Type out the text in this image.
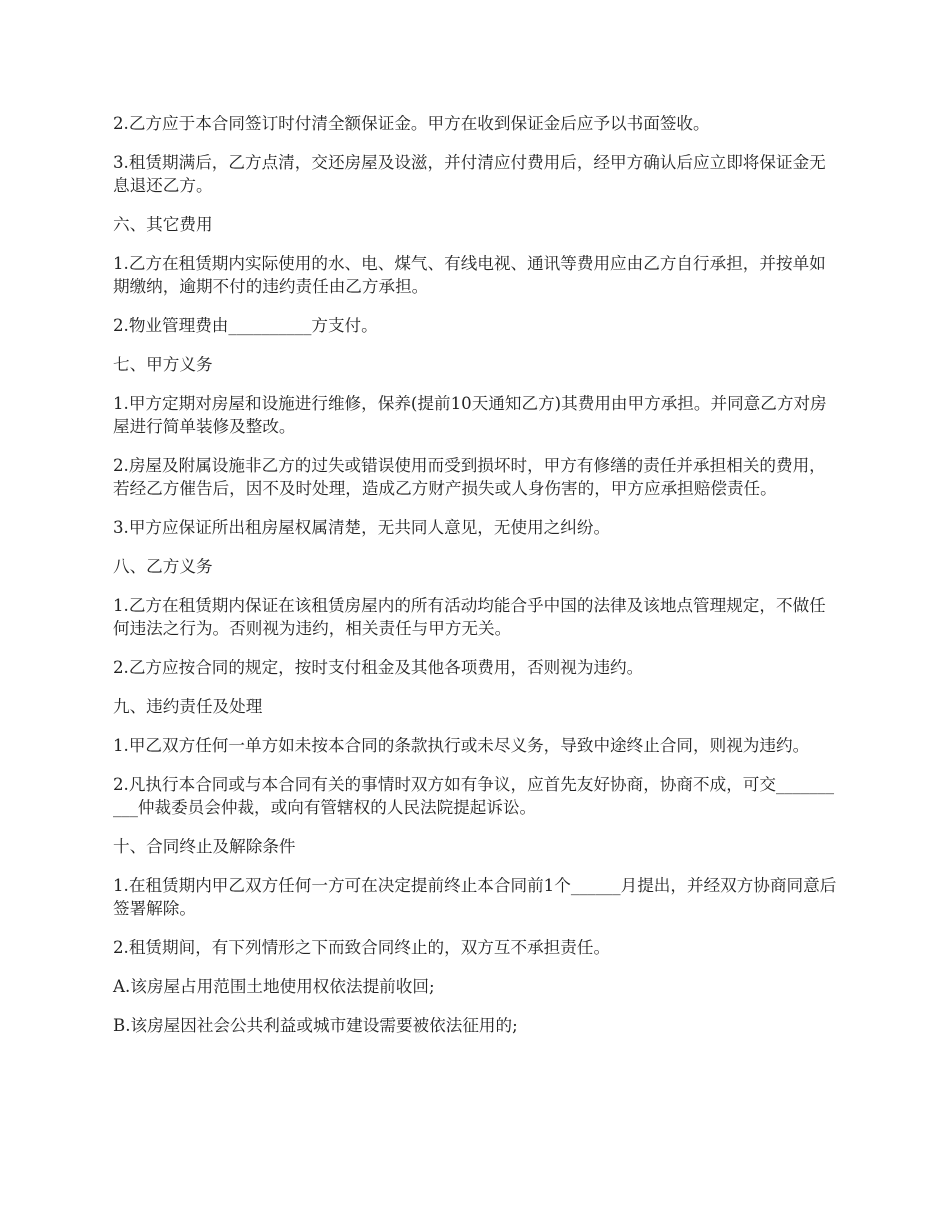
2.乙方应于本合同签订时付清全额保证金。甲方在收到保证金后应予以书面签收。

3.租赁期满后，乙方点清，交还房屋及设滋，并付清应付费用后，经甲方确认后应立即将保证金无息退还乙方。

六、其它费用

1.乙方在租赁期内实际使用的水、电、煤气、有线电视、通讯等费用应由乙方自行承担，并按单如期缴纳，逾期不付的违约责任由乙方承担。

2.物业管理费由__________方支付。

七、甲方义务

1.甲方定期对房屋和设施进行维修，保养(提前10天通知乙方)其费用由甲方承担。并同意乙方对房屋进行简单装修及整改。

2.房屋及附属设施非乙方的过失或错误使用而受到损坏时，甲方有修缮的责任并承担相关的费用，若经乙方催告后，因不及时处理，造成乙方财产损失或人身伤害的，甲方应承担赔偿责任。

3.甲方应保证所出租房屋权属清楚，无共同人意见，无使用之纠纷。

八、乙方义务

1.乙方在租赁期内保证在该租赁房屋内的所有活动均能合乎中国的法律及该地点管理规定，不做任何违法之行为。否则视为违约，相关责任与甲方无关。

2.乙方应按合同的规定，按时支付租金及其他各项费用，否则视为违约。

九、违约责任及处理

1.甲乙双方任何一单方如未按本合同的条款执行或未尽义务，导致中途终止合同，则视为违约。

2.凡执行本合同或与本合同有关的事情时双方如有争议，应首先友好协商，协商不成，可交__________仲裁委员会仲裁，或向有管辖权的人民法院提起诉讼。

十、合同终止及解除条件

1.在租赁期内甲乙双方任何一方可在决定提前终止本合同前1个______月提出，并经双方协商同意后签署解除。

2.租赁期间，有下列情形之下而致合同终止的，双方互不承担责任。

A.该房屋占用范围土地使用权依法提前收回;

B.该房屋因社会公共利益或城市建设需要被依法征用的;
